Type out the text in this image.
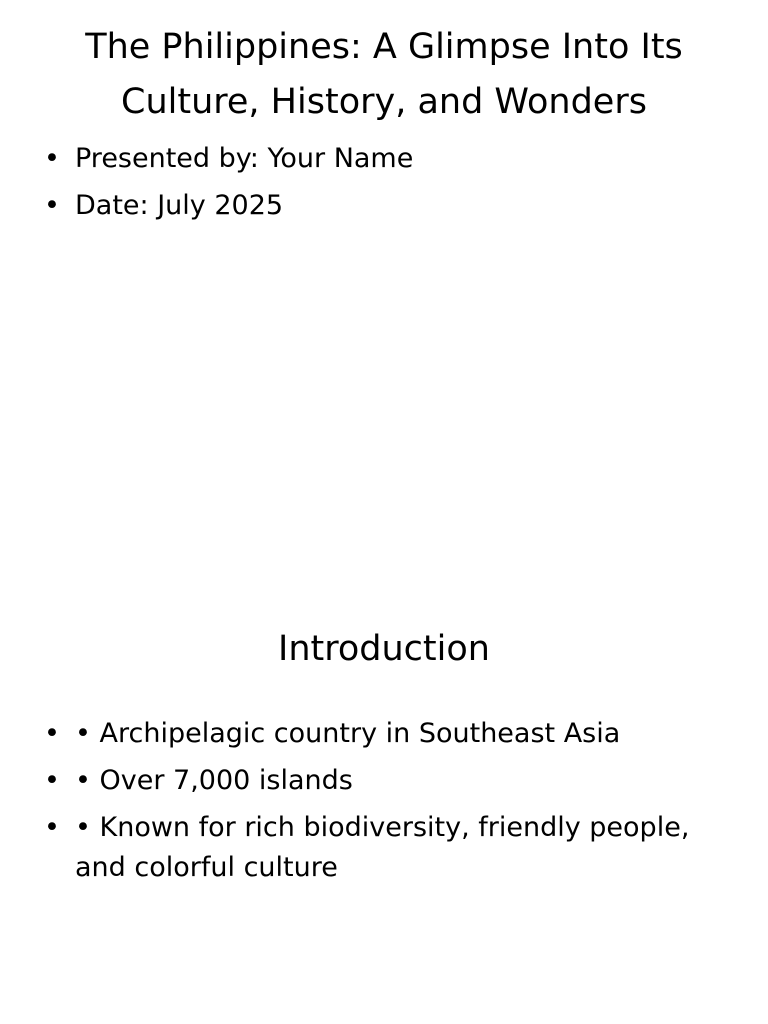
The Philippines: A Glimpse Into Its Culture, History, and Wonders
• Presented by: Your Name
• Date: July 2025
Introduction
• • Archipelagic country in Southeast Asia
• • Over 7,000 islands
• • Known for rich biodiversity, friendly people, and colorful culture
